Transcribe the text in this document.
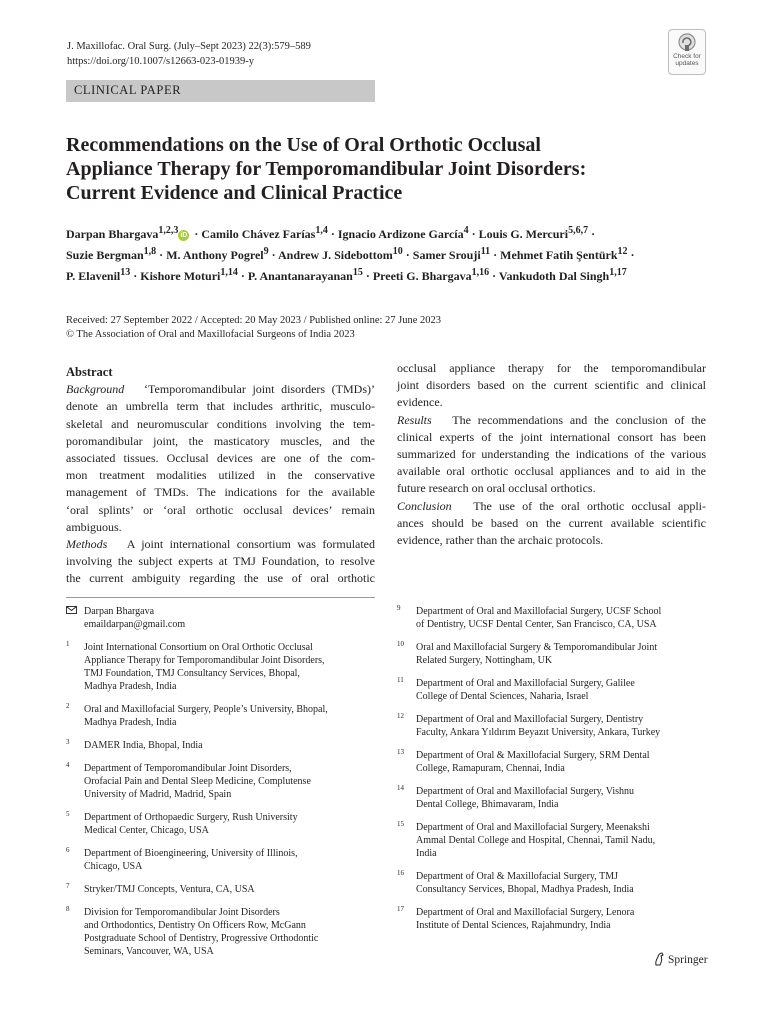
J. Maxillofac. Oral Surg. (July–Sept 2023) 22(3):579–589
https://doi.org/10.1007/s12663-023-01939-y	Check for
updates
CLINICAL PAPER
Recommendations on the Use of Oral Orthotic Occlusal
Appliance Therapy for Temporomandibular Joint Disorders:
Current Evidence and Clinical Practice
Darpan Bhargava$^{1,2,3}$ iD · Camilo Chávez Farías$^{1,4}$ · Ignacio Ardizone García$^4$ · Louis G. Mercuri$^{5,6,7}$ ·
Suzie Bergman$^{1,8}$ · M. Anthony Pogrel$^9$ · Andrew J. Sidebottom$^{10}$ · Samer Srouji$^{11}$ · Mehmet Fatih Şentürk$^{12}$ ·
P. Elavenil$^{13}$ · Kishore Moturi$^{1,14}$ · P. Anantanarayanan$^{15}$ · Preeti G. Bhargava$^{1,16}$ · Vankudoth Dal Singh$^{1,17}$
Received: 27 September 2022 / Accepted: 20 May 2023 / Published online: 27 June 2023
© The Association of Oral and Maxillofacial Surgeons of India 2023
Abstract
Background ‘Temporomandibular joint disorders (TMDs)’
denote an umbrella term that includes arthritic, musculo-
skeletal and neuromuscular conditions involving the tem-
poromandibular joint, the masticatory muscles, and the
associated tissues. Occlusal devices are one of the com-
mon treatment modalities utilized in the conservative
management of TMDs. The indications for the available
‘oral splints’ or ‘oral orthotic occlusal devices’ remain
ambiguous.
Methods A joint international consortium was formulated
involving the subject experts at TMJ Foundation, to resolve
the current ambiguity regarding the use of oral orthotic
occlusal appliance therapy for the temporomandibular
joint disorders based on the current scientific and clinical
evidence.
Results The recommendations and the conclusion of the
clinical experts of the joint international consort has been
summarized for understanding the indications of the various
available oral orthotic occlusal appliances and to aid in the
future research on oral occlusal orthotics.
Conclusion The use of the oral orthotic occlusal appli-
ances should be based on the current available scientific
evidence, rather than the archaic protocols.
Darpan Bhargava
emaildarpan@gmail.com
1 Joint International Consortium on Oral Orthotic Occlusal
Appliance Therapy for Temporomandibular Joint Disorders,
TMJ Foundation, TMJ Consultancy Services, Bhopal,
Madhya Pradesh, India
2 Oral and Maxillofacial Surgery, People’s University, Bhopal,
Madhya Pradesh, India
3 DAMER India, Bhopal, India
4 Department of Temporomandibular Joint Disorders,
Orofacial Pain and Dental Sleep Medicine, Complutense
University of Madrid, Madrid, Spain
5 Department of Orthopaedic Surgery, Rush University
Medical Center, Chicago, USA
6 Department of Bioengineering, University of Illinois,
Chicago, USA
7 Stryker/TMJ Concepts, Ventura, CA, USA
8 Division for Temporomandibular Joint Disorders
and Orthodontics, Dentistry On Officers Row, McGann
Postgraduate School of Dentistry, Progressive Orthodontic
Seminars, Vancouver, WA, USA
9 Department of Oral and Maxillofacial Surgery, UCSF School
of Dentistry, UCSF Dental Center, San Francisco, CA, USA
10 Oral and Maxillofacial Surgery & Temporomandibular Joint
Related Surgery, Nottingham, UK
11 Department of Oral and Maxillofacial Surgery, Galilee
College of Dental Sciences, Naharia, Israel
12 Department of Oral and Maxillofacial Surgery, Dentistry
Faculty, Ankara Yıldırım Beyazıt University, Ankara, Turkey
13 Department of Oral & Maxillofacial Surgery, SRM Dental
College, Ramapuram, Chennai, India
14 Department of Oral and Maxillofacial Surgery, Vishnu
Dental College, Bhimavaram, India
15 Department of Oral and Maxillofacial Surgery, Meenakshi
Ammal Dental College and Hospital, Chennai, Tamil Nadu,
India
16 Department of Oral & Maxillofacial Surgery, TMJ
Consultancy Services, Bhopal, Madhya Pradesh, India
17 Department of Oral and Maxillofacial Surgery, Lenora
Institute of Dental Sciences, Rajahmundry, India
Springer
